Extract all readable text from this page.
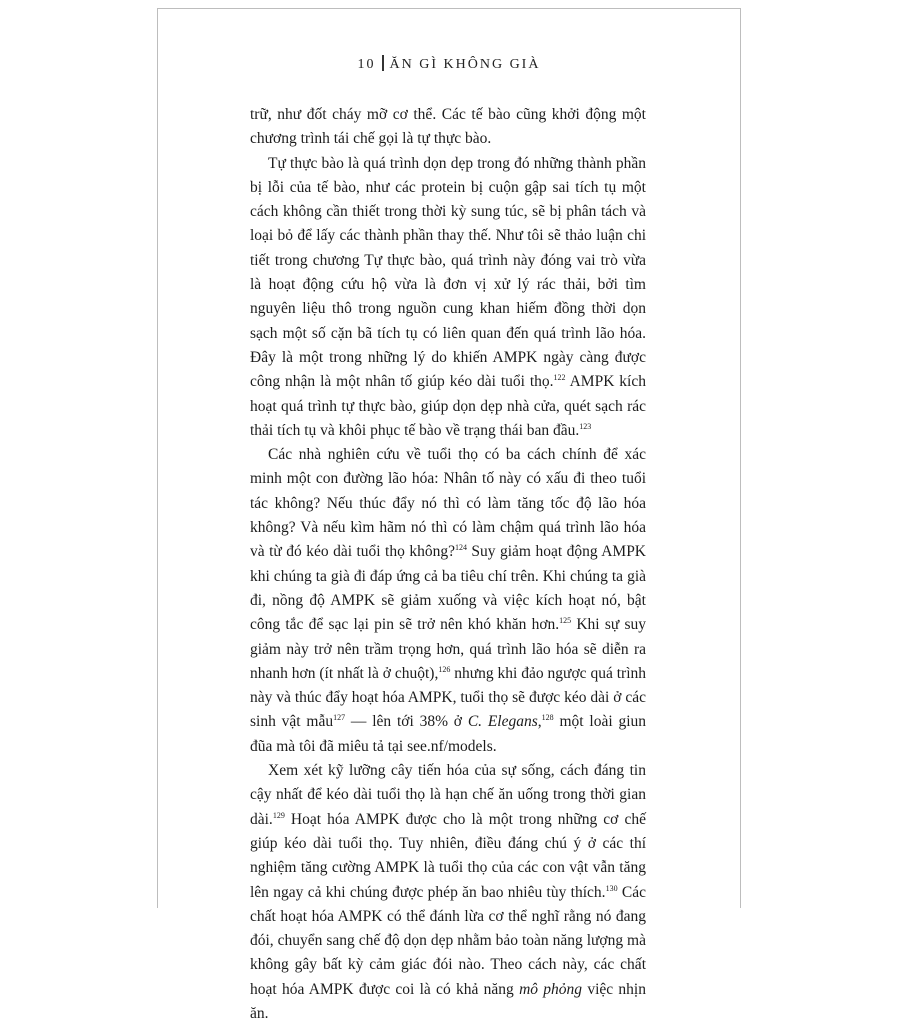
10 ĂN GÌ KHÔNG GIÀ

trữ, như đốt cháy mỡ cơ thể. Các tế bào cũng khởi động một chương trình tái chế gọi là tự thực bào.

Tự thực bào là quá trình dọn dẹp trong đó những thành phần bị lỗi của tế bào, như các protein bị cuộn gập sai tích tụ một cách không cần thiết trong thời kỳ sung túc, sẽ bị phân tách và loại bỏ để lấy các thành phần thay thế. Như tôi sẽ thảo luận chi tiết trong chương Tự thực bào, quá trình này đóng vai trò vừa là hoạt động cứu hộ vừa là đơn vị xử lý rác thải, bởi tìm nguyên liệu thô trong nguồn cung khan hiếm đồng thời dọn sạch một số cặn bã tích tụ có liên quan đến quá trình lão hóa. Đây là một trong những lý do khiến AMPK ngày càng được công nhận là một nhân tố giúp kéo dài tuổi thọ.$^{122}$ AMPK kích hoạt quá trình tự thực bào, giúp dọn dẹp nhà cửa, quét sạch rác thải tích tụ và khôi phục tế bào về trạng thái ban đầu.$^{123}$

Các nhà nghiên cứu về tuổi thọ có ba cách chính để xác minh một con đường lão hóa: Nhân tố này có xấu đi theo tuổi tác không? Nếu thúc đẩy nó thì có làm tăng tốc độ lão hóa không? Và nếu kìm hãm nó thì có làm chậm quá trình lão hóa và từ đó kéo dài tuổi thọ không?$^{124}$ Suy giảm hoạt động AMPK khi chúng ta già đi đáp ứng cả ba tiêu chí trên. Khi chúng ta già đi, nồng độ AMPK sẽ giảm xuống và việc kích hoạt nó, bật công tắc để sạc lại pin sẽ trở nên khó khăn hơn.$^{125}$ Khi sự suy giảm này trở nên trầm trọng hơn, quá trình lão hóa sẽ diễn ra nhanh hơn (ít nhất là ở chuột),$^{126}$ nhưng khi đảo ngược quá trình này và thúc đẩy hoạt hóa AMPK, tuổi thọ sẽ được kéo dài ở các sinh vật mẫu$^{127}$ — lên tới 38% ở C. Elegans,$^{128}$ một loài giun đũa mà tôi đã miêu tả tại see.nf/models.

Xem xét kỹ lưỡng cây tiến hóa của sự sống, cách đáng tin cậy nhất để kéo dài tuổi thọ là hạn chế ăn uống trong thời gian dài.$^{129}$ Hoạt hóa AMPK được cho là một trong những cơ chế giúp kéo dài tuổi thọ. Tuy nhiên, điều đáng chú ý ở các thí nghiệm tăng cường AMPK là tuổi thọ của các con vật vẫn tăng lên ngay cả khi chúng được phép ăn bao nhiêu tùy thích.$^{130}$ Các chất hoạt hóa AMPK có thể đánh lừa cơ thể nghĩ rằng nó đang đói, chuyển sang chế độ dọn dẹp nhằm bảo toàn năng lượng mà không gây bất kỳ cảm giác đói nào. Theo cách này, các chất hoạt hóa AMPK được coi là có khả năng mô phỏng việc nhịn ăn.
